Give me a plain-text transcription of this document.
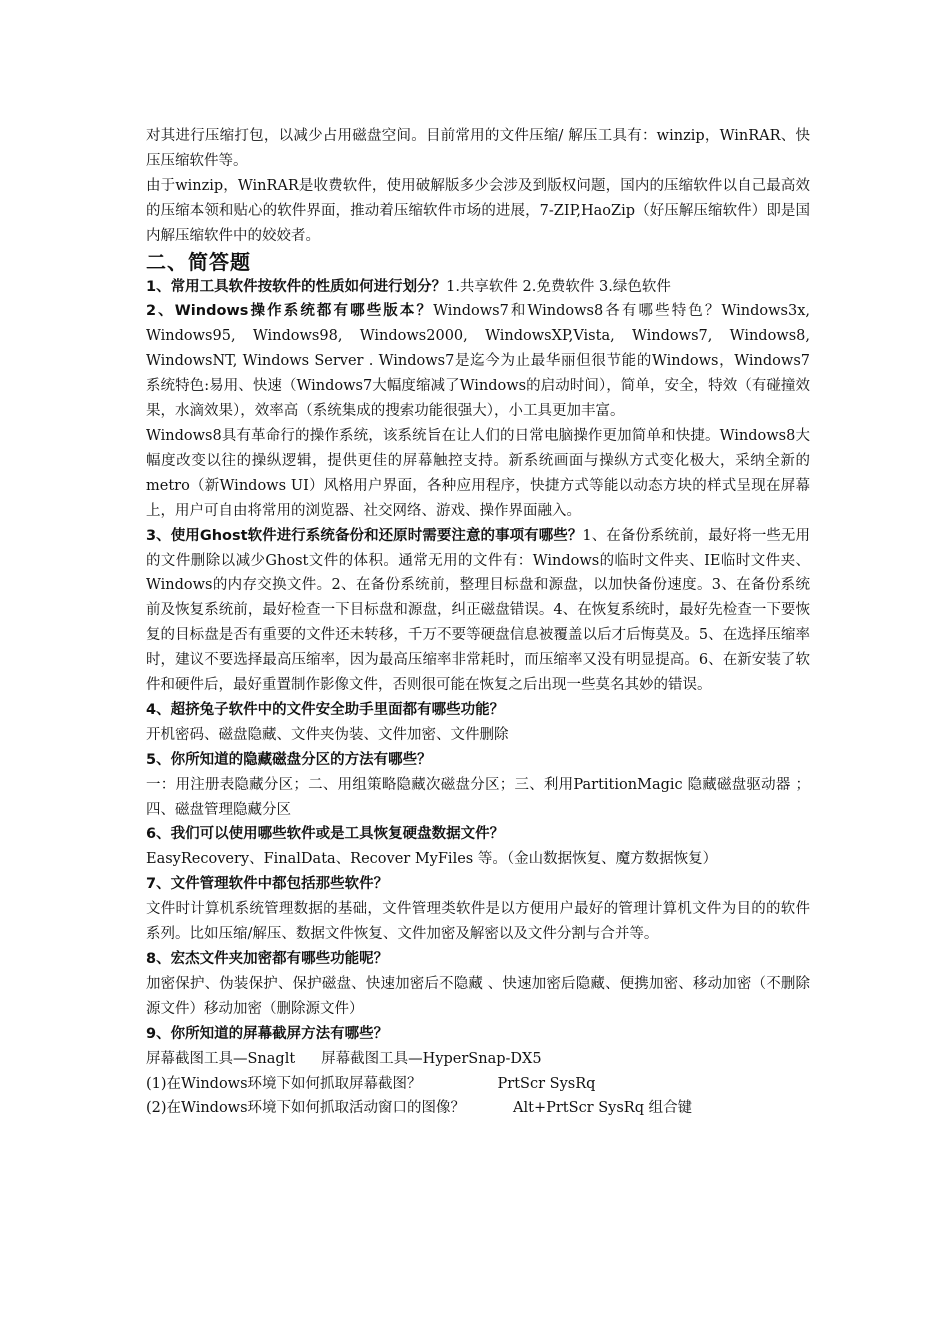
对其进行压缩打包，以减少占用磁盘空间。目前常用的文件压缩/ 解压工具有：winzip，WinRAR、快压压缩软件等。

由于winzip，WinRAR是收费软件，使用破解版多少会涉及到版权问题，国内的压缩软件以自己最高效的压缩本领和贴心的软件界面，推动着压缩软件市场的进展，7-ZIP,HaoZip（好压解压缩软件）即是国内解压缩软件中的姣姣者。

二、简答题

1、常用工具软件按软件的性质如何进行划分？1.共享软件 2.免费软件 3.绿色软件

2、Windows操作系统都有哪些版本？Windows7和Windows8各有哪些特色？Windows3x, Windows95, Windows98, Windows2000, WindowsXP,Vista, Windows7, Windows8, WindowsNT, Windows Server . Windows7是迄今为止最华丽但很节能的Windows，Windows7系统特色:易用、快速（Windows7大幅度缩减了Windows的启动时间），简单，安全，特效（有碰撞效果，水滴效果），效率高（系统集成的搜索功能很强大），小工具更加丰富。

Windows8具有革命行的操作系统，该系统旨在让人们的日常电脑操作更加简单和快捷。Windows8大幅度改变以往的操纵逻辑，提供更佳的屏幕触控支持。新系统画面与操纵方式变化极大，采纳全新的metro（新Windows UI）风格用户界面，各种应用程序，快捷方式等能以动态方块的样式呈现在屏幕上，用户可自由将常用的浏览器、社交网络、游戏、操作界面融入。

3、使用Ghost软件进行系统备份和还原时需要注意的事项有哪些？1、在备份系统前，最好将一些无用的文件删除以减少Ghost文件的体积。通常无用的文件有：Windows的临时文件夹、IE临时文件夹、Windows的内存交换文件。2、在备份系统前，整理目标盘和源盘，以加快备份速度。3、在备份系统前及恢复系统前，最好检查一下目标盘和源盘，纠正磁盘错误。4、在恢复系统时，最好先检查一下要恢复的目标盘是否有重要的文件还未转移，千万不要等硬盘信息被覆盖以后才后悔莫及。5、在选择压缩率时，建议不要选择最高压缩率，因为最高压缩率非常耗时，而压缩率又没有明显提高。6、在新安装了软件和硬件后，最好重置制作影像文件，否则很可能在恢复之后出现一些莫名其妙的错误。

4、超挤兔子软件中的文件安全助手里面都有哪些功能？

开机密码、磁盘隐藏、文件夹伪装、文件加密、文件删除

5、你所知道的隐藏磁盘分区的方法有哪些？

一：用注册表隐藏分区；二、用组策略隐藏次磁盘分区；三、利用PartitionMagic 隐藏磁盘驱动器 ；四、磁盘管理隐藏分区

6、我们可以使用哪些软件或是工具恢复硬盘数据文件？

EasyRecovery、FinalData、Recover MyFiles 等。（金山数据恢复、魔方数据恢复）

7、文件管理软件中都包括那些软件？

文件时计算机系统管理数据的基础，文件管理类软件是以方便用户最好的管理计算机文件为目的的软件系列。比如压缩/解压、数据文件恢复、文件加密及解密以及文件分割与合并等。

8、宏杰文件夹加密都有哪些功能呢？

加密保护、伪装保护、保护磁盘、快速加密后不隐藏 、快速加密后隐藏、便携加密、移动加密（不删除源文件）移动加密（删除源文件）

9、你所知道的屏幕截屏方法有哪些？

屏幕截图工具—Snaglt 屏幕截图工具—HyperSnap-DX5

(1)在Windows环境下如何抓取屏幕截图？	PrtScr SysRq

(2)在Windows环境下如何抓取活动窗口的图像？	Alt+PrtScr SysRq 组合键
